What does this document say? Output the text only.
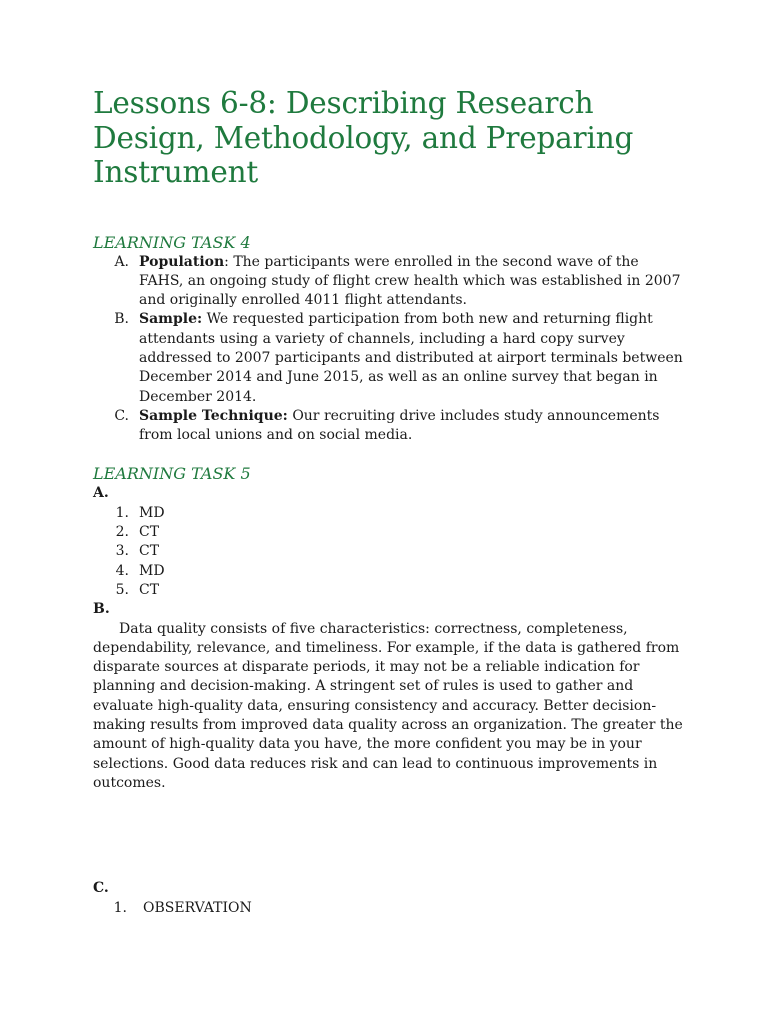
Lessons 6-8: Describing Research Design, Methodology, and Preparing Instrument
LEARNING TASK 4
A. Population: The participants were enrolled in the second wave of the FAHS, an ongoing study of flight crew health which was established in 2007 and originally enrolled 4011 flight attendants.
B. Sample: We requested participation from both new and returning flight attendants using a variety of channels, including a hard copy survey addressed to 2007 participants and distributed at airport terminals between December 2014 and June 2015, as well as an online survey that began in December 2014.
C. Sample Technique: Our recruiting drive includes study announcements from local unions and on social media.
LEARNING TASK 5
A.
1. MD
2. CT
3. CT
4. MD
5. CT
B.

Data quality consists of five characteristics: correctness, completeness, dependability, relevance, and timeliness. For example, if the data is gathered from disparate sources at disparate periods, it may not be a reliable indication for planning and decision-making. A stringent set of rules is used to gather and evaluate high-quality data, ensuring consistency and accuracy. Better decision-making results from improved data quality across an organization. The greater the amount of high-quality data you have, the more confident you may be in your selections. Good data reduces risk and can lead to continuous improvements in outcomes.

C.
1.	OBSERVATION
